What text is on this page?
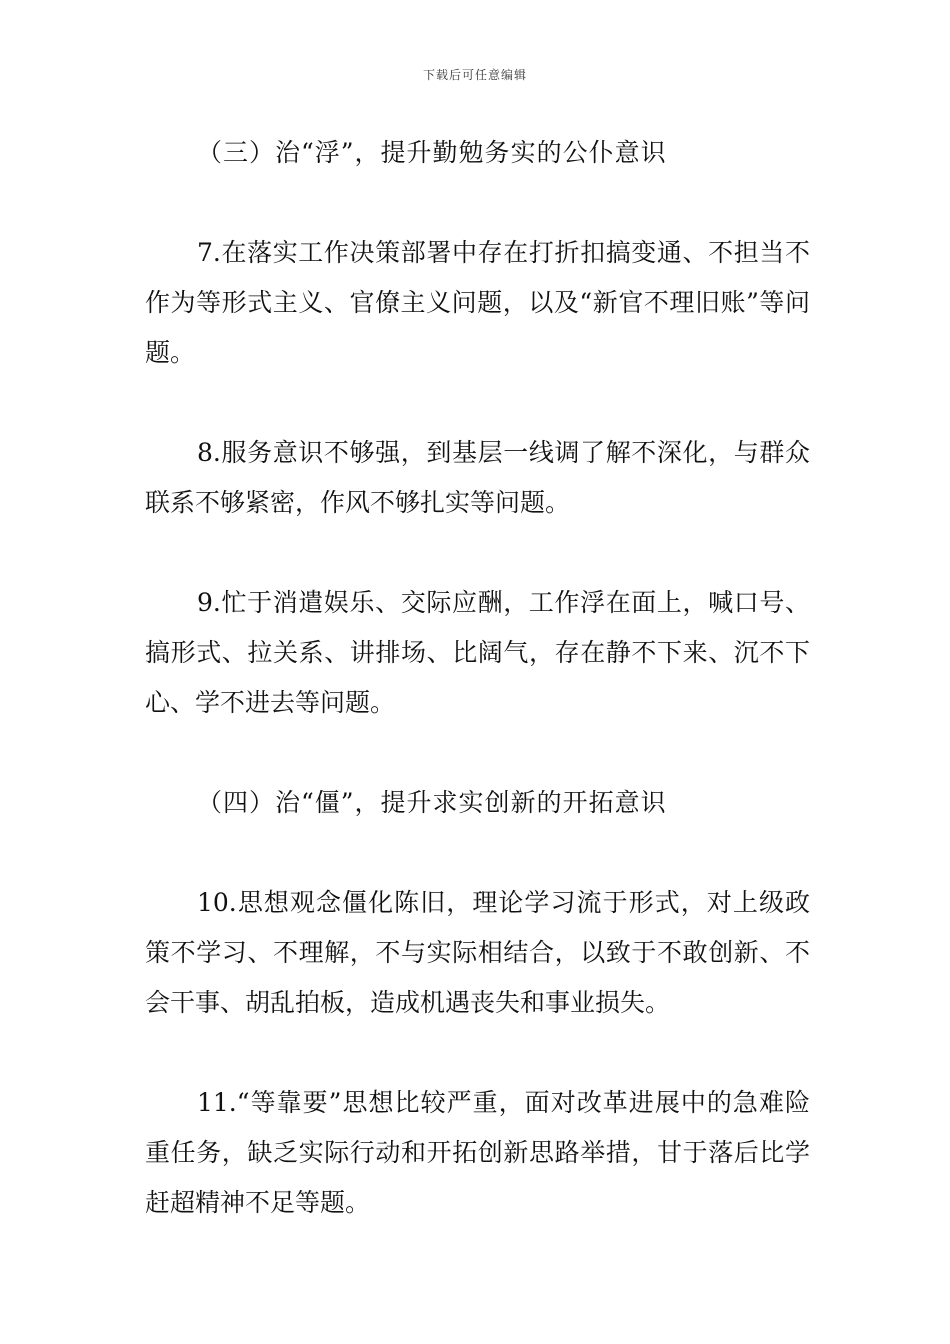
下载后可任意编辑

（三）治“浮”，提升勤勉务实的公仆意识

7.在落实工作决策部署中存在打折扣搞变通、不担当不作为等形式主义、官僚主义问题，以及“新官不理旧账”等问题。

8.服务意识不够强，到基层一线调了解不深化，与群众联系不够紧密，作风不够扎实等问题。

9.忙于消遣娱乐、交际应酬，工作浮在面上，喊口号、搞形式、拉关系、讲排场、比阔气，存在静不下来、沉不下心、学不进去等问题。

（四）治“僵”，提升求实创新的开拓意识

10.思想观念僵化陈旧，理论学习流于形式，对上级政策不学习、不理解，不与实际相结合，以致于不敢创新、不会干事、胡乱拍板，造成机遇丧失和事业损失。

11.“等靠要”思想比较严重，面对改革进展中的急难险重任务，缺乏实际行动和开拓创新思路举措，甘于落后比学赶超精神不足等题。
